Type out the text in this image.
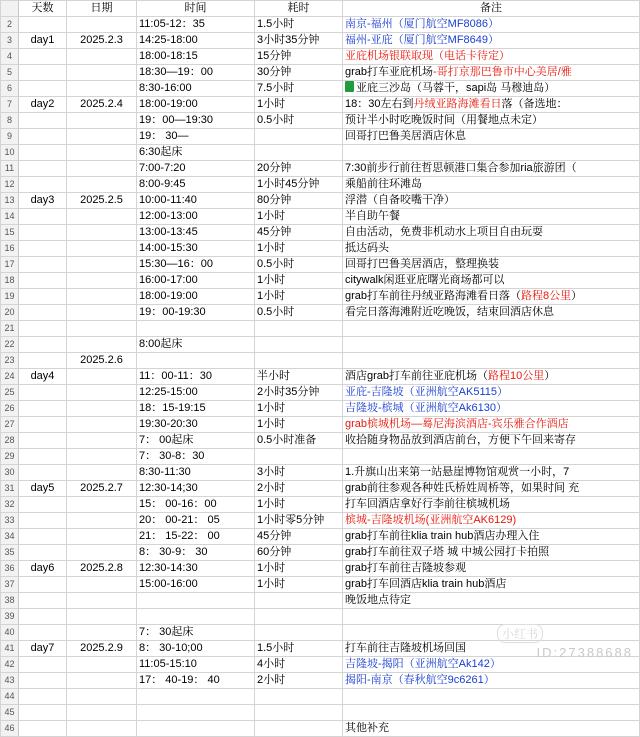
	天数	日期	时间	耗时	备注
2			11:05-12：35	1.5小时	南京-福州（厦门航空MF8086）
3	day1	2025.2.3	14:25-18:00	3小时35分钟	福州-亚庇（厦门航空MF8649）
4			18:00-18:15	15分钟	亚庇机场银联取现（电话卡待定）
5			18:30—19：00	30分钟	grab打车亚庇机场-哥打京那巴鲁市中心美居/雅
6			8:30-16:00	7.5小时	亚庇三沙岛（马蓉干，sapi岛 马穆迪岛）
7	day2	2025.2.4	18:00-19:00	1小时	18：30左右到丹绒亚路海滩看日落（备选地：
8			19：00—19:30	0.5小时	预计半小时吃晚饭时间（用餐地点未定）
9			19： 30—		回哥打巴鲁美居酒店休息
10			6:30起床		
11			7:00-7:20	20分钟	7:30前步行前往哲思顿港口集合参加ria旅游团（
12			8:00-9:45	1小时45分钟	乘船前往环滩岛
13	day3	2025.2.5	10:00-11:40	80分钟	浮潜（自备咬嘴干净）
14			12:00-13:00	1小时	半自助午餐
15			13:00-13:45	45分钟	自由活动，免费非机动水上项目自由玩耍
16			14:00-15:30	1小时	抵达码头
17			15:30—16：00	0.5小时	回哥打巴鲁美居酒店，整理换装
18			16:00-17:00	1小时	citywalk闲逛亚庇曙光商场都可以
19			18:00-19:00	1小时	grab打车前往丹绒亚路海滩看日落（路程8公里）
20			19：00-19:30	0.5小时	看完日落海滩附近吃晚饭，结束回酒店休息
21					
22			8:00起床		
23		2025.2.6			
24	day4		11：00-11：30	半小时	酒店grab打车前往亚庇机场（路程10公里）
25			12:25-15:00	2小时35分钟	亚庇-吉隆坡（亚洲航空AK5115）
26			18：15-19:15	1小时	吉隆坡-槟城（亚洲航空Ak6130）
27			19:30-20:30	1小时	grab槟城机场—蓦尼海滨酒店-宾乐雅合作酒店
28			7： 00起床	0.5小时准备	收拾随身物品放到酒店前台，方便下午回来寄存
29			7： 30-8：30		
30			8:30-11:30	3小时	1.升旗山出来第一站悬崖博物馆观赏一小时，7
31	day5	2025.2.7	12:30-14;30	2小时	grab前往参观各种姓氏桥姓周桥等，如果时间 充
32			15： 00-16：00	1小时	打车回酒店拿好行李前往槟城机场
33			20： 00-21： 05	1小时零5分钟	槟城-吉隆坡机场(亚洲航空AK6129)
34			21： 15-22： 00	45分钟	grab打车前往klia train hub酒店办理入住
35			8： 30-9： 30	60分钟	grab打车前往双子塔 城 中城公园打卡拍照
36	day6	2025.2.8	12:30-14:30	1小时	grab打车前往吉隆坡参观
37			15:00-16:00	1小时	grab打车回酒店klia train hub酒店
38					晚饭地点待定
39					
40			7： 30起床		
41	day7	2025.2.9	8： 30-10;00	1.5小时	打车前往吉隆坡机场回国
42			11:05-15:10	4小时	吉隆坡-揭阳（亚洲航空Ak142）
43			17： 40-19： 40	2小时	揭阳-南京（春秋航空9c6261）
44					
45					
46					其他补充
ID:27388688
小红书
